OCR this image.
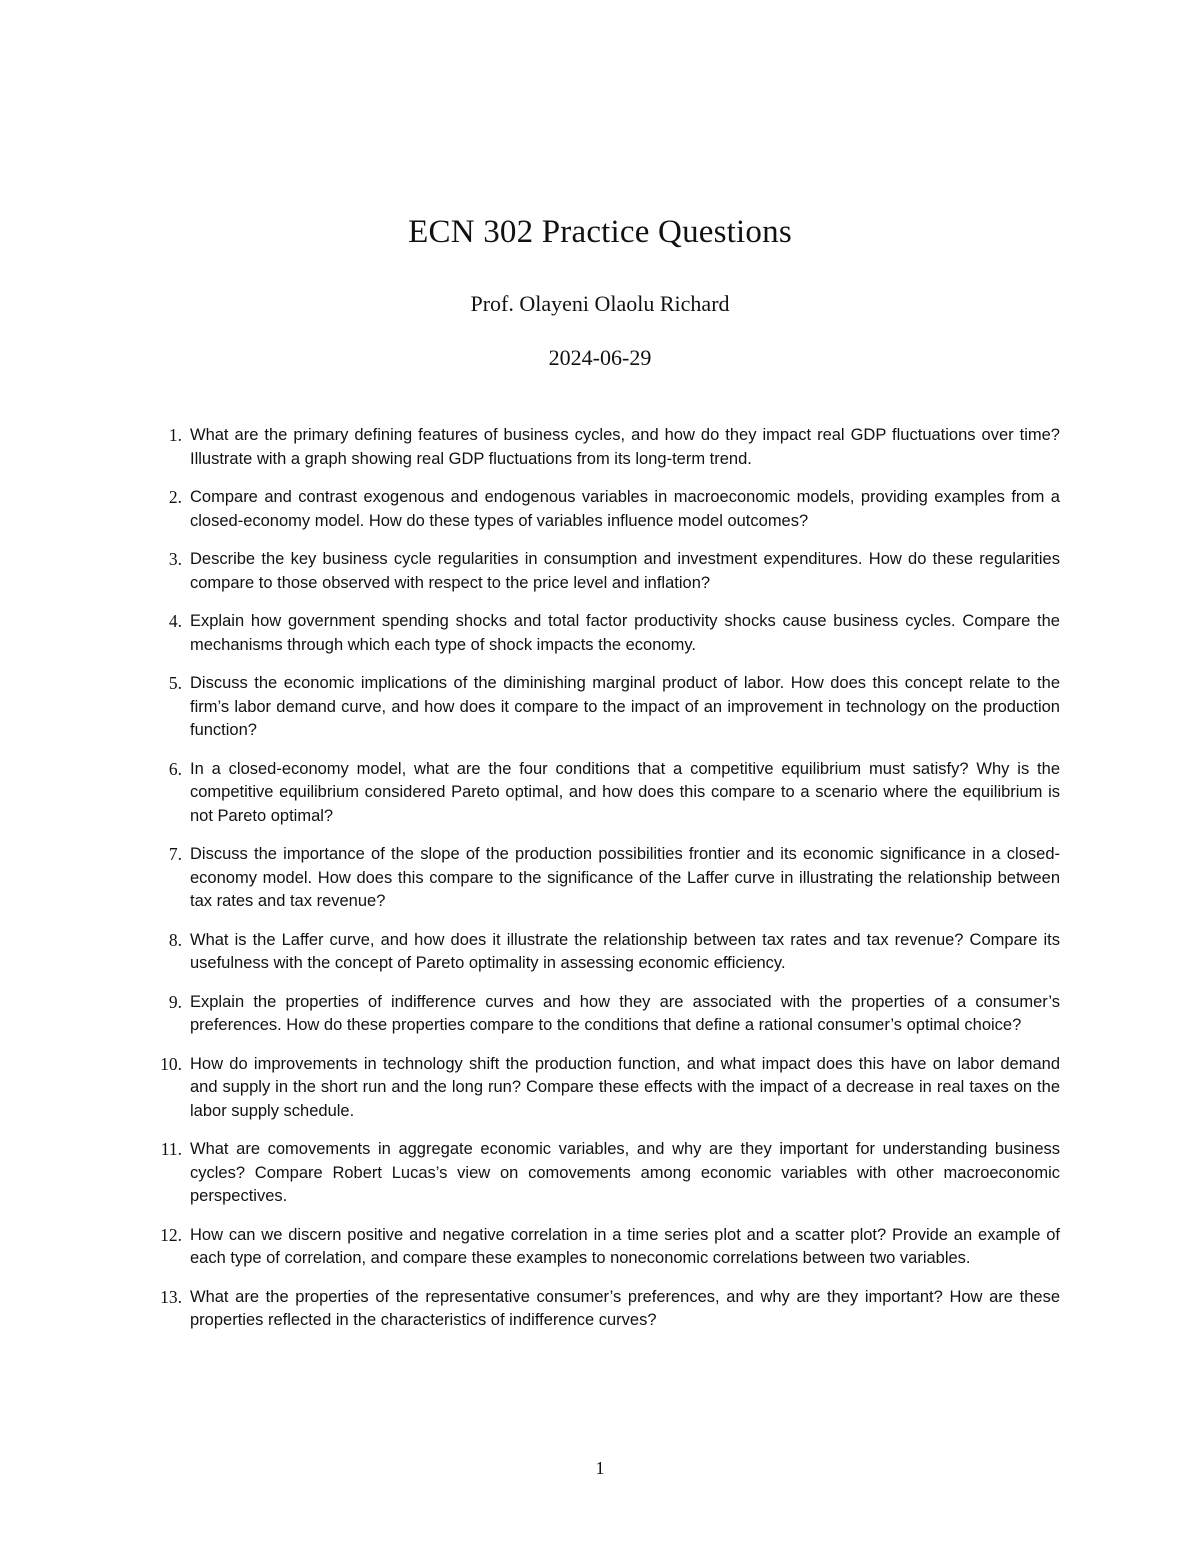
ECN 302 Practice Questions
Prof. Olayeni Olaolu Richard
2024-06-29
1. What are the primary defining features of business cycles, and how do they impact real GDP fluctuations over time? Illustrate with a graph showing real GDP fluctuations from its long-term trend.
2. Compare and contrast exogenous and endogenous variables in macroeconomic models, providing examples from a closed-economy model. How do these types of variables influence model outcomes?
3. Describe the key business cycle regularities in consumption and investment expenditures. How do these regularities compare to those observed with respect to the price level and inflation?
4. Explain how government spending shocks and total factor productivity shocks cause business cycles. Compare the mechanisms through which each type of shock impacts the economy.
5. Discuss the economic implications of the diminishing marginal product of labor. How does this concept relate to the firm’s labor demand curve, and how does it compare to the impact of an improvement in technology on the production function?
6. In a closed-economy model, what are the four conditions that a competitive equilibrium must satisfy? Why is the competitive equilibrium considered Pareto optimal, and how does this compare to a scenario where the equilibrium is not Pareto optimal?
7. Discuss the importance of the slope of the production possibilities frontier and its economic significance in a closed-economy model. How does this compare to the significance of the Laffer curve in illustrating the relationship between tax rates and tax revenue?
8. What is the Laffer curve, and how does it illustrate the relationship between tax rates and tax revenue? Compare its usefulness with the concept of Pareto optimality in assessing economic efficiency.
9. Explain the properties of indifference curves and how they are associated with the properties of a consumer’s preferences. How do these properties compare to the conditions that define a rational consumer’s optimal choice?
10. How do improvements in technology shift the production function, and what impact does this have on labor demand and supply in the short run and the long run? Compare these effects with the impact of a decrease in real taxes on the labor supply schedule.
11. What are comovements in aggregate economic variables, and why are they important for understanding business cycles? Compare Robert Lucas’s view on comovements among economic variables with other macroeconomic perspectives.
12. How can we discern positive and negative correlation in a time series plot and a scatter plot? Provide an example of each type of correlation, and compare these examples to noneconomic correlations between two variables.
13. What are the properties of the representative consumer’s preferences, and why are they important? How are these properties reflected in the characteristics of indifference curves?
1
